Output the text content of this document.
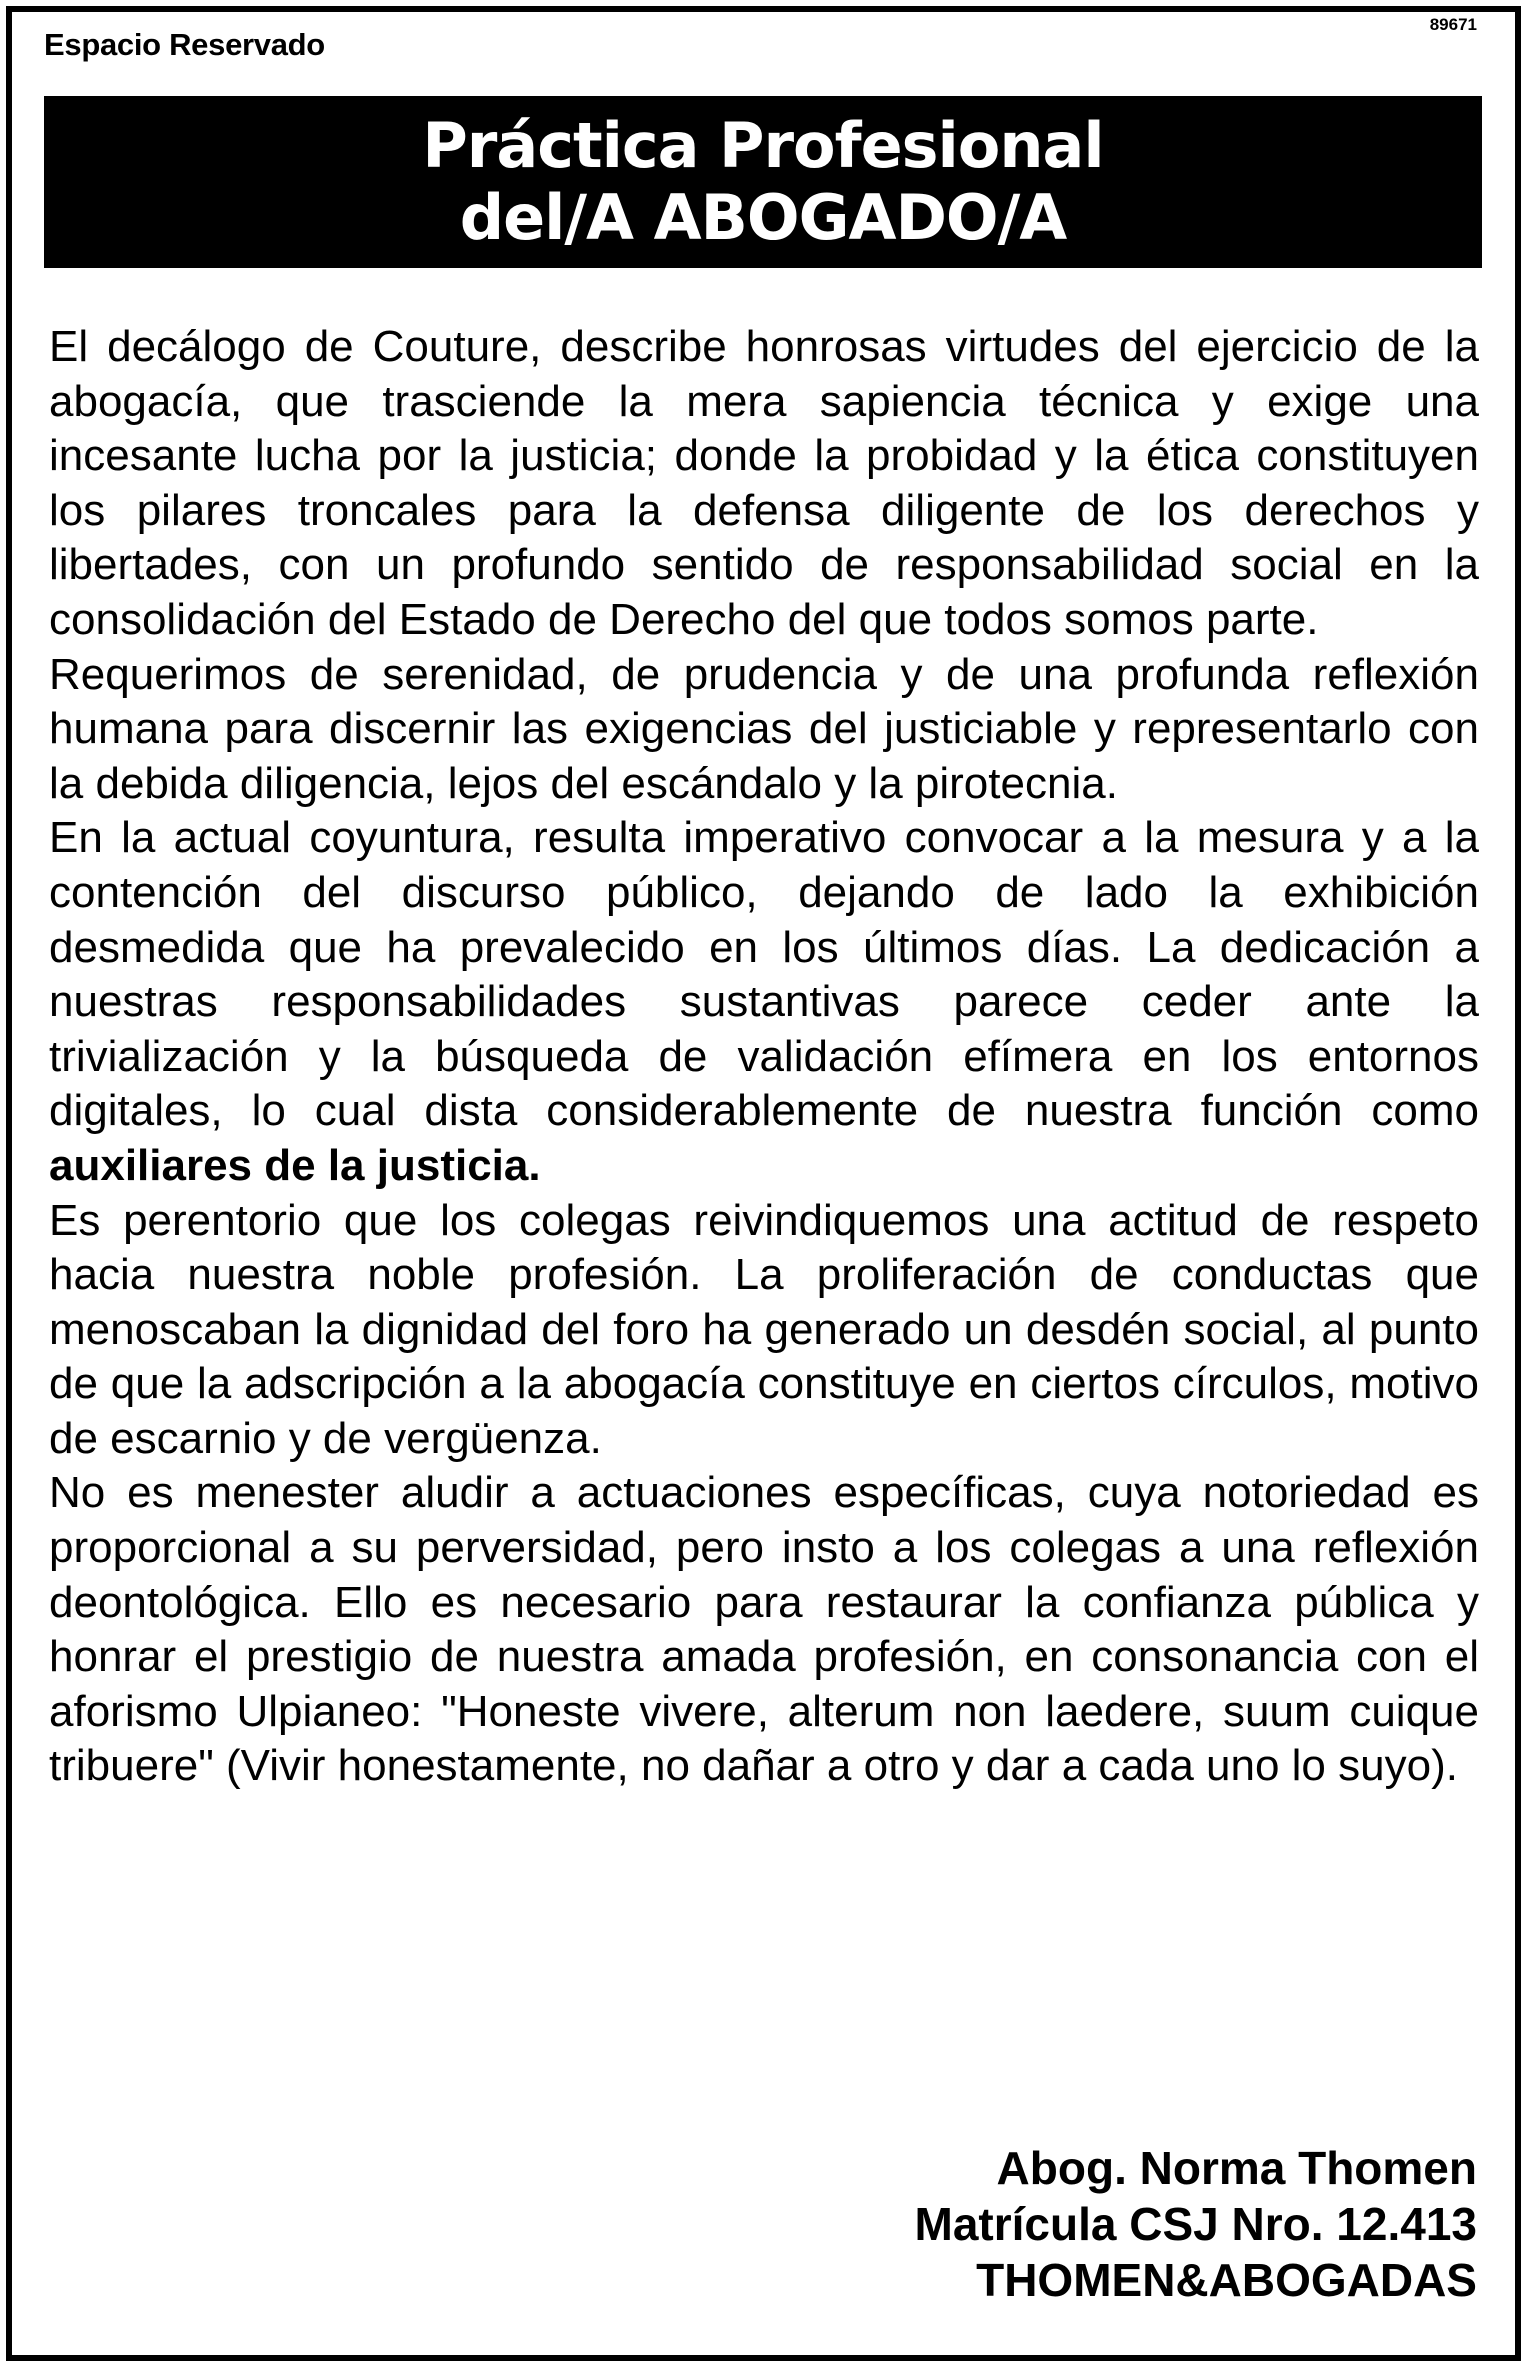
Espacio Reservado
89671
Práctica Profesional
del/A ABOGADO/A

El decálogo de Couture, describe honrosas virtudes del ejercicio de la abogacía, que trasciende la mera sapiencia técnica y exige una incesante lucha por la justicia; donde la probidad y la ética constituyen los pilares troncales para la defensa diligente de los derechos y libertades, con un profundo sentido de responsabilidad social en la consolidación del Estado de Derecho del que todos somos parte.

Requerimos de serenidad, de prudencia y de una profunda reflexión humana para discernir las exigencias del justiciable y representarlo con la debida diligencia, lejos del escándalo y la pirotecnia.

En la actual coyuntura, resulta imperativo convocar a la mesura y a la contención del discurso público, dejando de lado la exhibición desmedida que ha prevalecido en los últimos días. La dedicación a nuestras responsabilidades sustantivas parece ceder ante la trivialización y la búsqueda de validación efímera en los entornos digitales, lo cual dista considerablemente de nuestra función como auxiliares de la justicia.

Es perentorio que los colegas reivindiquemos una actitud de respeto hacia nuestra noble profesión. La proliferación de conductas que menoscaban la dignidad del foro ha generado un desdén social, al punto de que la adscripción a la abogacía constituye en ciertos círculos, motivo de escarnio y de vergüenza.

No es menester aludir a actuaciones específicas, cuya notoriedad es proporcional a su perversidad, pero insto a los colegas a una reflexión deontológica. Ello es necesario para restaurar la confianza pública y honrar el prestigio de nuestra amada profesión, en consonancia con el aforismo Ulpianeo: "Honeste vivere, alterum non laedere, suum cuique tribuere" (Vivir honestamente, no dañar a otro y dar a cada uno lo suyo).

Abog. Norma Thomen
Matrícula CSJ Nro. 12.413
THOMEN&ABOGADAS
